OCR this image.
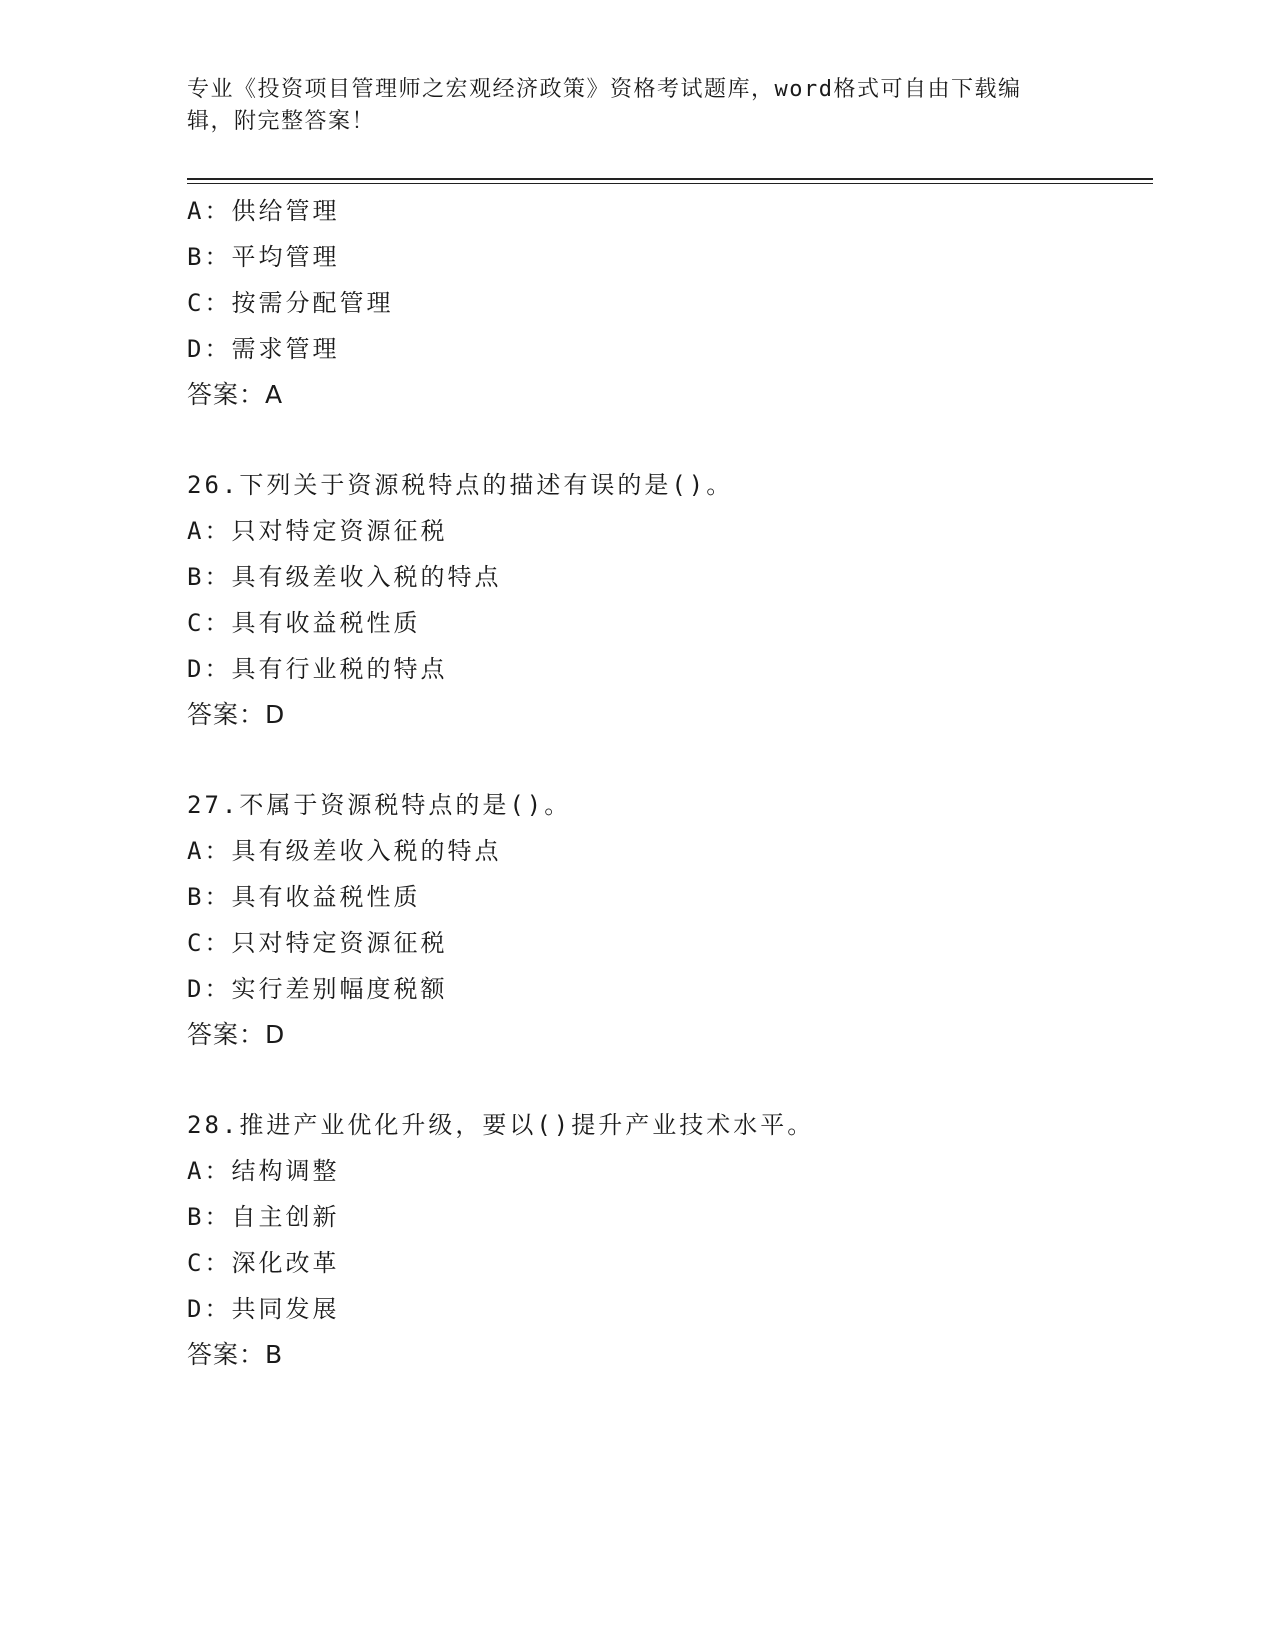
专业《投资项目管理师之宏观经济政策》资格考试题库，word格式可自由下载编辑，附完整答案！
A：供给管理
B：平均管理
C：按需分配管理
D：需求管理
答案：A
26.下列关于资源税特点的描述有误的是()。
A：只对特定资源征税
B：具有级差收入税的特点
C：具有收益税性质
D：具有行业税的特点
答案：D
27.不属于资源税特点的是()。
A：具有级差收入税的特点
B：具有收益税性质
C：只对特定资源征税
D：实行差别幅度税额
答案：D
28.推进产业优化升级，要以()提升产业技术水平。
A：结构调整
B：自主创新
C：深化改革
D：共同发展
答案：B
